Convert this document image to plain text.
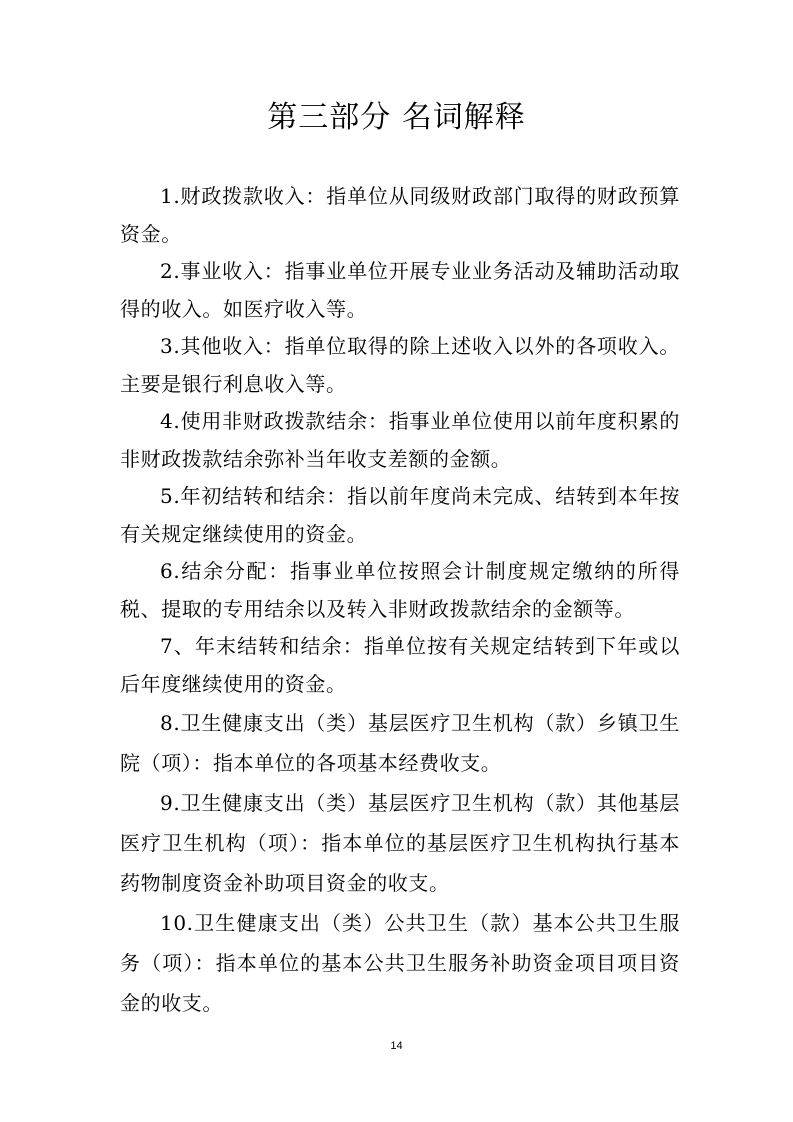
第三部分 名词解释

1.财政拨款收入：指单位从同级财政部门取得的财政预算资金。

2.事业收入：指事业单位开展专业业务活动及辅助活动取得的收入。如医疗收入等。

3.其他收入：指单位取得的除上述收入以外的各项收入。主要是银行利息收入等。

4.使用非财政拨款结余：指事业单位使用以前年度积累的非财政拨款结余弥补当年收支差额的金额。

5.年初结转和结余：指以前年度尚未完成、结转到本年按有关规定继续使用的资金。

6.结余分配：指事业单位按照会计制度规定缴纳的所得税、提取的专用结余以及转入非财政拨款结余的金额等。

7、年末结转和结余：指单位按有关规定结转到下年或以后年度继续使用的资金。

8.卫生健康支出（类）基层医疗卫生机构（款）乡镇卫生院（项）：指本单位的各项基本经费收支。

9.卫生健康支出（类）基层医疗卫生机构（款）其他基层医疗卫生机构（项）：指本单位的基层医疗卫生机构执行基本药物制度资金补助项目资金的收支。

10.卫生健康支出（类）公共卫生（款）基本公共卫生服务（项）：指本单位的基本公共卫生服务补助资金项目项目资金的收支。

14
